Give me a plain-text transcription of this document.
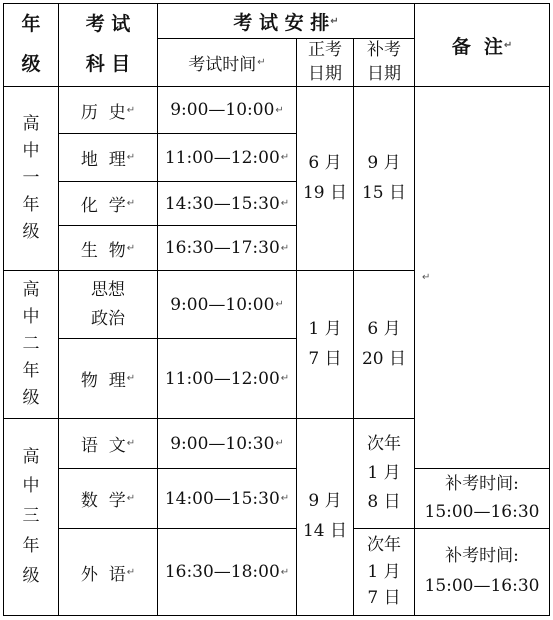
年
级
考 试
科 目
考 试 安 排 ↵
考试时间 ↵
正考
日期
补考
日期
备  注 ↵
高
中
一
年
级
高
中
二
年
级
高
中
三
年
级
历  史 ↵
地  理 ↵
化  学 ↵
生  物 ↵
思想
政治
物  理 ↵
语  文 ↵
数  学 ↵
外  语 ↵
9:00—10:00 ↵
11:00—12:00 ↵
14:30—15:30 ↵
16:30—17:30 ↵
9:00—10:00 ↵
11:00—12:00 ↵
9:00—10:30 ↵
14:00—15:30 ↵
16:30—18:00 ↵
6 月
19 日
1 月
7 日
9 月
14 日
9 月
15 日
6 月
20 日
次年
1 月
8 日
次年
1 月
7 日
↵
补考时间:
15:00—16:30
补考时间:
15:00—16:30
